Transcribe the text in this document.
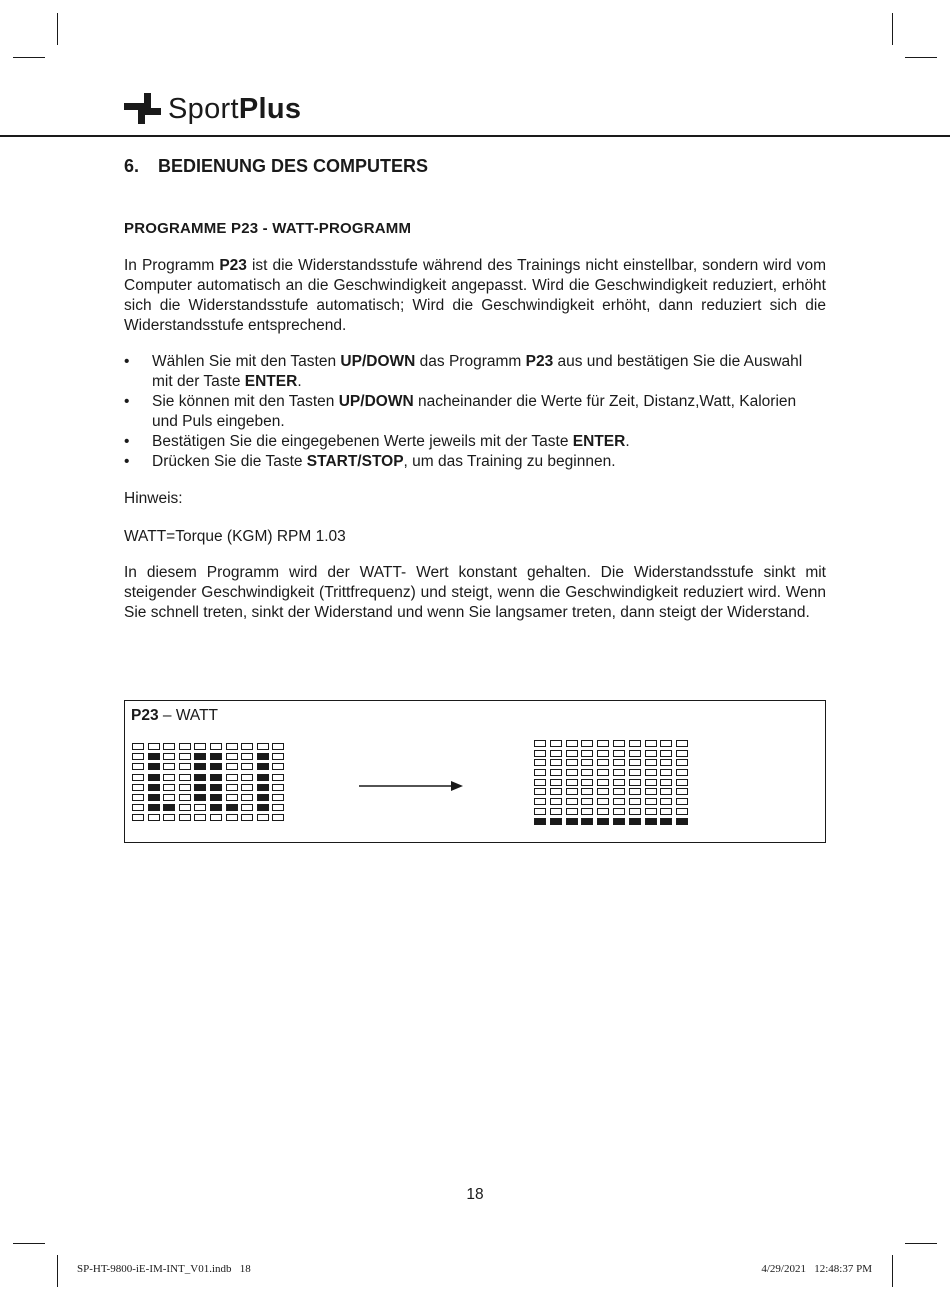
SportPlus
6. BEDIENUNG DES COMPUTERS
PROGRAMME P23 - WATT-PROGRAMM

In Programm P23 ist die Widerstandsstufe während des Trainings nicht einstellbar, sondern wird vom Computer automatisch an die Geschwindigkeit angepasst. Wird die Geschwindigkeit reduziert, erhöht sich die Widerstandsstufe automatisch; Wird die Geschwindigkeit erhöht, dann reduziert sich die Widerstandsstufe entsprechend.

• Wählen Sie mit den Tasten UP/DOWN das Programm P23 aus und bestätigen Sie die Auswahl mit der Taste ENTER.
• Sie können mit den Tasten UP/DOWN nacheinander die Werte für Zeit, Distanz,Watt, Kalorien und Puls eingeben.
• Bestätigen Sie die eingegebenen Werte jeweils mit der Taste ENTER.
• Drücken Sie die Taste START/STOP, um das Training zu beginnen.

Hinweis:

WATT=Torque (KGM) RPM 1.03

In diesem Programm wird der WATT- Wert konstant gehalten. Die Widerstandsstufe sinkt mit steigender Geschwindigkeit (Trittfrequenz) und steigt, wenn die Geschwindigkeit reduziert wird. Wenn Sie schnell treten, sinkt der Widerstand und wenn Sie langsamer treten, dann steigt der Widerstand.

P23 – WATT
18
SP-HT-9800-iE-IM-INT_V01.indb   18	4/29/2021   12:48:37 PM
